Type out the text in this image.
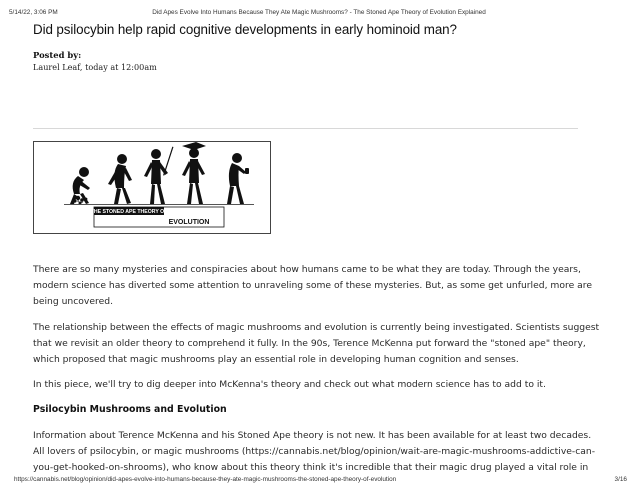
5/14/22, 3:06 PM	Did Apes Evolve Into Humans Because They Ate Magic Mushrooms? - The Stoned Ape Theory of Evolution Explained
Did psilocybin help rapid cognitive developments in early hominoid man?
Posted by:
Laurel Leaf, today at 12:00am
THE STONED APE THEORY OF
EVOLUTION

There are so many mysteries and conspiracies about how humans came to be what they are today. Through the years, modern science has diverted some attention to unraveling some of these mysteries. But, as some get unfurled, more are being uncovered.

The relationship between the effects of magic mushrooms and evolution is currently being investigated. Scientists suggest that we revisit an older theory to comprehend it fully. In the 90s, Terence McKenna put forward the "stoned ape" theory, which proposed that magic mushrooms play an essential role in developing human cognition and senses.

In this piece, we'll try to dig deeper into McKenna's theory and check out what modern science has to add to it.

Psilocybin Mushrooms and Evolution

Information about Terence McKenna and his Stoned Ape theory is not new. It has been available for at least two decades. All lovers of psilocybin, or magic mushrooms (https://cannabis.net/blog/opinion/wait-are-magic-mushrooms-addictive-can-you-get-hooked-on-shrooms), who know about this theory think it's incredible that their magic drug played a vital role in

https://cannabis.net/blog/opinion/did-apes-evolve-into-humans-because-they-ate-magic-mushrooms-the-stoned-ape-theory-of-evolution	3/16
